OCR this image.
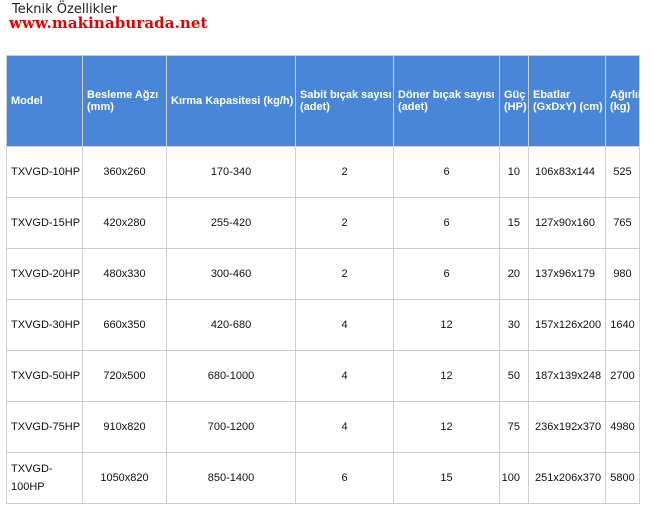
Teknik Özellikler
www.makinaburada.net
Model	Besleme Ağzı (mm)	Kırma Kapasitesi (kg/h)	Sabit bıçak sayısı (adet)	Döner bıçak sayısı (adet)	Güç (HP)	Ebatlar (GxDxY) (cm)	Ağırlık (kg)
TXVGD-10HP	360x260	170-340	2	6	10	106x83x144	525
TXVGD-15HP	420x280	255-420	2	6	15	127x90x160	765
TXVGD-20HP	480x330	300-460	2	6	20	137x96x179	980
TXVGD-30HP	660x350	420-680	4	12	30	157x126x200	1640
TXVGD-50HP	720x500	680-1000	4	12	50	187x139x248	2700
TXVGD-75HP	910x820	700-1200	4	12	75	236x192x370	4980
TXVGD-100HP	1050x820	850-1400	6	15	100	251x206x370	5800
